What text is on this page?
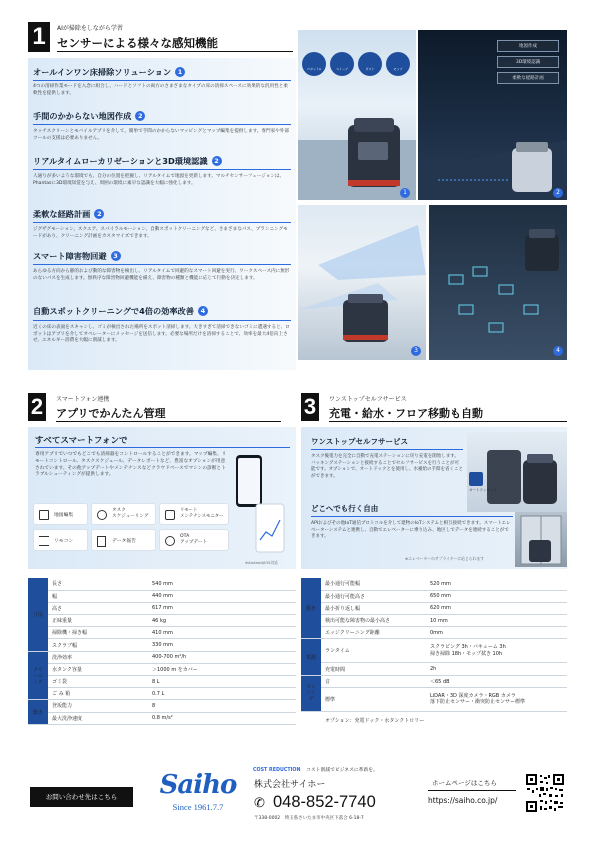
1	AIが掃除をしながら学習
センサーによる様々な感知機能
オールインワン床掃除ソリューション 1
4つの清掃作業モードを入念に組合し、ハードとソフトの両方のさまざまなタイプの床の清掃スペースに効果的な汎用性と柔軟性を提供します。
手間のかからない地図作成 2
タッチスクリーンとモバイルアプリを介して、簡単で手間のかからないマッピングとマップ編集を提供します。専門家や外部ツールの支援は必要ありません。
リアルタイムローカリゼーションと3D環境認識 2
人通りが多いような環境でも、自分の位置を把握し、リアルタイムで地図を更新します。マルチセンサーフュージョンは、Phantasに3D環境知覚を与え、周囲の環境に素早な認識を大幅に強化します。
柔軟な経路計画 2
ジグザグモーション、スクエア、スパイラルモーション、自動スポットクリーニングなど、さまざまなパス、プランニングモードがあり、クリーニング計画をカスタマイズできます。
スマート障害物回避 3
あらゆる方向から静的および動的な障害物を検出し、リアルタイムで回避的なスマート回避を実行、ワークスペース内に無形のないパスを生成します。無秩序な障害物回避機能を備え、障害物の種類と機能に応じて行動を決定します。
自動スポットクリーニングで4倍の効率改善 4
近くの床の表面をスキャンし、ゴミが検出された場所をスポット清掃します。大きすぎて清掃できないゴミに遭遇すると、ロボットはアプリを介してオペレーターにメッセージを送信します。必要な場所だけを清掃することで、効率を最大4倍向上させ、エネルギー消費を大幅に削減します。
ロボットA	スイープ	ダスト	モップ
地図作成
3D環境認識
柔軟な経路計画
1	2
3	4
2	スマートフォン連携
アプリでかんたん管理
すべてスマートフォンで
専用アプリでいつでもどこでも清掃器をコントロールすることができます。マップ編集、リモートコントロール、タスクスケジュール、データレポートなど、豊富なオプションが用意されています。その他アップデートやメンテナンスなどクラウドベースでマシンの診断とトラブルシューティングが提供します。
地図編集
タスク
スケジューリング
リモート
メンテナンスモニター
リモコン	データ報告
OTA
アップデート
※Android/iOS対応
3	ワンストップセルフサービス
充電・給水・フロア移動も自動
ワンストップセルフサービス
タスク後電力を完全に自動で充電ステーションに戻り充電を開始します。バッキングステーションと接続することでセルフサービスを行うことが可能です。オプションで、オートドックとを使用し、水補給の手間を省くことができます。
オートドッキング
どこへでも行く自由
APIおよびその他IoT通信プロトコルを介して建物のIoTシステムと相互接続できます。スマートエレベーターシステムと連携し、自動でエレベーターに乗り込み、地区しでデータを連続することができます。
※エレベーターのサプライヤーに応じられます
寸法	長さ	540 mm
	幅	440 mm
	高さ	617 mm
	正味重量	46 kg
	掃除機・掃き幅	410 mm
	スクラブ幅	330 mm
クリーニング	洗浄効率	400-700 m²/h
	水タンク容量	＞1000 m をカバー
	ゴミ袋	8 L
	ご み 箱	0.7 L
動き	登坂能力	8
	最大洗浄速度	0.8 m/s²
動き	最小通行可能幅	520 mm
	最小通行可能高さ	650 mm
	最小折り返し幅	620 mm
	検出可能な障害物の最小高さ	10 mm
	エッジクリーニング距離	0mm
電源	ランタイム	スクラビング 3h・バキューム 3h
掃き掃除 18h・モップ拭き 10h
	充電時間	2h
センシング	音	＜65 dB
	標準	LiDAR・3D 深度カメラ・RGB カメラ
落下防止センサー・衝突防止センサー標準
オプション：充電ドック・水タンクトロリー
お問い合わせ先はこちら	Saiho
Since 1961.7.7
COST REDUCTION コスト削減でビジネスに革新を。
株式会社サイホー
✆ 048-852-7740
〒338-0002　埼玉県さいたま市中央区下落合 6-18-7
ホームページはこちら
https://saiho.co.jp/
